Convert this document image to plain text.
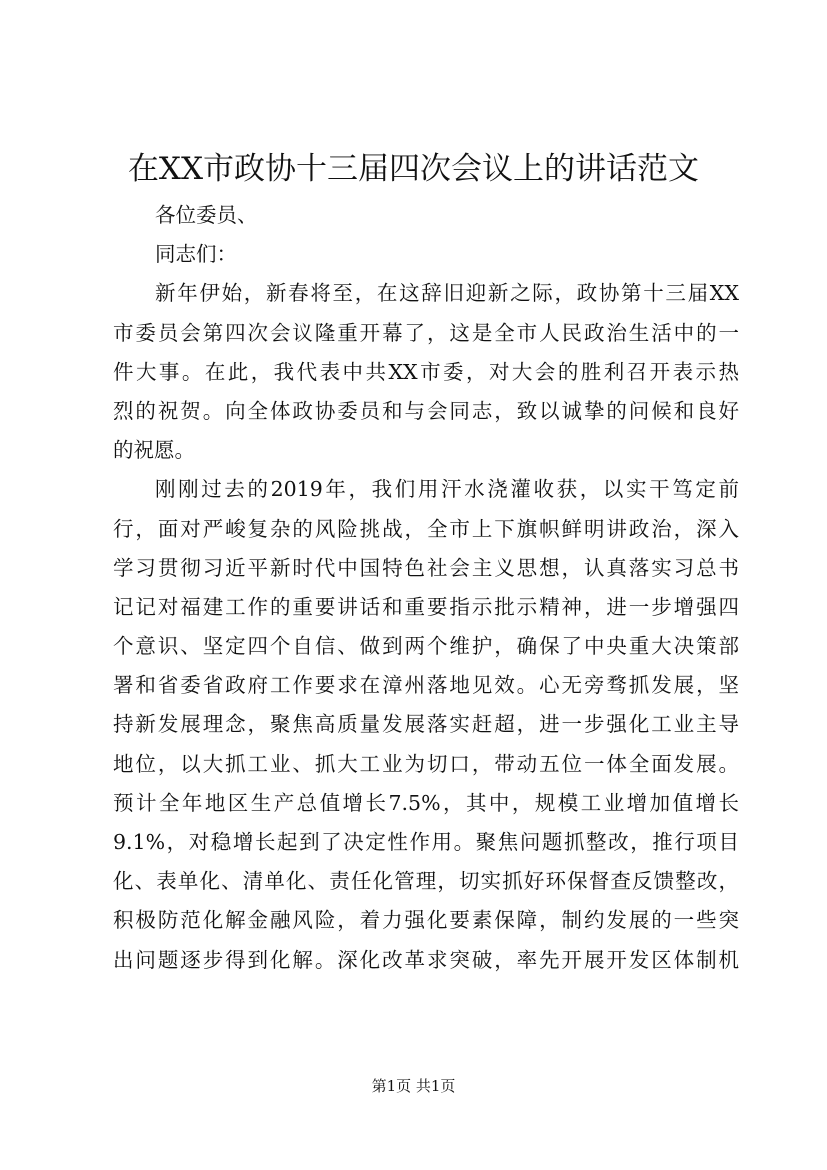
在XX市政协十三届四次会议上的讲话范文
各位委员、
同志们：
新年伊始，新春将至，在这辞旧迎新之际，政协第十三届XX
市委员会第四次会议隆重开幕了，这是全市人民政治生活中的一
件大事。在此，我代表中共XX市委，对大会的胜利召开表示热
烈的祝贺。向全体政协委员和与会同志，致以诚挚的问候和良好
的祝愿。
刚刚过去的2019年，我们用汗水浇灌收获，以实干笃定前
行，面对严峻复杂的风险挑战，全市上下旗帜鲜明讲政治，深入
学习贯彻习近平新时代中国特色社会主义思想，认真落实习总书
记记对福建工作的重要讲话和重要指示批示精神，进一步增强四
个意识、坚定四个自信、做到两个维护，确保了中央重大决策部
署和省委省政府工作要求在漳州落地见效。心无旁骛抓发展，坚
持新发展理念，聚焦高质量发展落实赶超，进一步强化工业主导
地位，以大抓工业、抓大工业为切口，带动五位一体全面发展。
预计全年地区生产总值增长7.5%，其中，规模工业增加值增长
9.1%，对稳增长起到了决定性作用。聚焦问题抓整改，推行项目
化、表单化、清单化、责任化管理，切实抓好环保督查反馈整改，
积极防范化解金融风险，着力强化要素保障，制约发展的一些突
出问题逐步得到化解。深化改革求突破，率先开展开发区体制机
第1页 共1页
